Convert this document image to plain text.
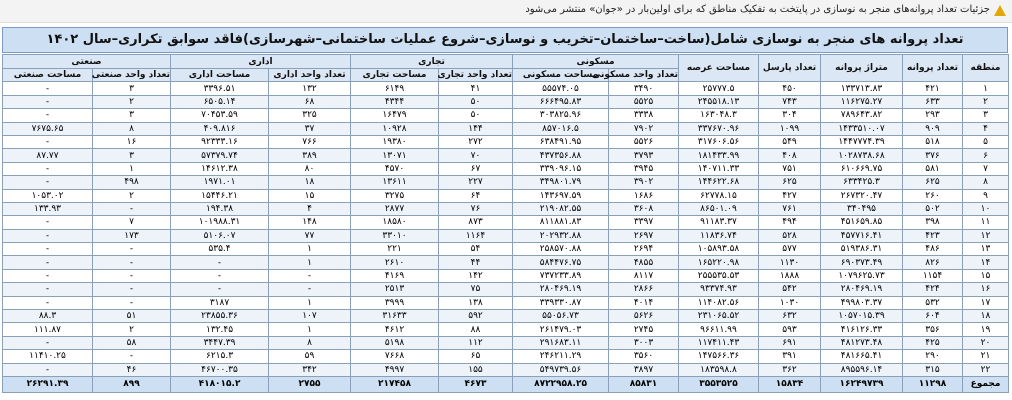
جزئیات تعداد پروانه‌های منجر به نوسازی در پایتخت به تفکیک مناطق که برای اولین‌بار در «جوان» منتشر می‌شود
تعداد پروانه های منجر به نوسازی شامل(ساخت–ساختمان–تخریب و نوسازی–شروع عملیات ساختمانی–شهرسازی)فاقد سوابق تکراری–سال ۱۴۰۲
منطقه	تعداد پروانه	متراژ پروانه	تعداد پارسل	مساحت عرصه	مسکونی		تجاری		اداری		صنعتی	
					تعداد واحد مسکونی	مساحت مسکونی	تعداد واحد تجاری	مساحت تجاری	تعداد واحد اداری	مساحت اداری	تعداد واحد صنعتی	مساحت صنعتی
۱	۴۲۱	۱۳۳۷۱۳.۸۳	۴۵۰	۲۵۷۷۷.۵	۳۴۹۰	۵۵۵۷۴.۰۵	۴۱	۶۱۴۹	۱۳۲	۳۳۹۶.۵۱	۳	-
۲	۶۳۳	۱۱۶۲۷۵.۲۷	۷۴۳	۲۴۵۵۱۸.۱۳	۵۵۲۵	۶۶۶۴۹۵.۸۳	۵۰	۴۳۴۴	۶۸	۶۵۰۵.۱۴	۲	-
۳	۲۹۳	۷۸۹۶۴۳.۸۲	۳۰۴	۱۶۳۰۴۸.۳	۳۳۳۸	۳۰۳۸۲۵.۹۶	۵۰	۱۶۴۷۹	۳۲۵	۷۰۴۵۳.۵۹	۳	-
۴	۹۰۹	۱۴۳۳۵۱۰.۰۷	۱۰۹۹	۳۳۷۶۷۰.۹۶	۷۹۰۲	۸۵۷۰۱۶.۵	۱۴۴	۱۰۹۲۸	۳۷	۴۰۹.۸۱۶	۸	۷۶۷۵.۶۵
۵	۵۱۸	۱۴۴۷۷۷۴.۳۹	۵۴۹	۳۱۷۶۰۶.۵۶	۵۵۲۶	۶۳۸۴۹۱.۹۵	۲۷۲	۱۹۳۸۰	۷۶۶	۹۲۳۳۳.۱۶	۱۶	-
۶	۳۷۶	۱۰۲۸۷۳۸.۶۸	۴۰۸	۱۸۱۴۳۳.۹۹	۳۷۹۳	۴۳۷۳۵۶.۸۸	۷۰	۱۳۰۷۱	۳۸۹	۵۷۳۷۹.۷۴	۳	۸۷.۷۷
۷	۵۸۱	۶۱۰۶۶۹.۷۵	۷۵۱	۱۴۰۷۱۱.۳۳	۳۹۴۵	۳۳۹۰۹۶.۱۵	۶۷	۴۵۷۰	۸۰	۱۴۶۱۲.۳۸	۱	-
۸	۶۲۵	۶۳۳۴۲۵.۳	۶۲۵	۱۴۴۶۲۲.۶۸	۳۹۰۲	۳۴۹۸۰۱.۷۹	۲۲۷	۱۳۶۱۱	۱۸	۱۹۷۱.۰۱	۴۹۸	-
۹	۲۶۰	۲۶۷۳۲۰.۴۷	۴۲۷	۶۲۷۷۸.۱۵	۱۶۸۶	۱۴۳۶۹۷.۵۹	۶۴	۳۲۷۵	۱۵	۱۵۴۴۶.۲۱	۲	۱۰۵۳.۰۲
۱۰	۵۰۲	۳۴۰۴۹۵	۷۶۱	۸۶۵۰۱.۰۹	۳۶۰۸	۲۱۹۰۸۲.۵۵	۷۶	۲۸۷۷	۴	۱۹۴.۳۸	-	۱۳۳.۹۳
۱۱	۳۹۸	۴۵۱۶۵۹.۸۵	۴۹۴	۹۱۱۸۳.۳۷	۳۳۹۷	۸۱۱۸۸۱.۸۳	۸۷۳	۱۸۵۸۰	۱۴۸	۱۰۱۹۸۸.۳۱	۷	-
۱۲	۴۲۳	۴۵۷۷۱۶.۴۱	۵۲۸	۱۱۸۳۶.۷۴	۲۶۹۷	۲۰۲۹۳۲.۸۸	۱۱۶۴	۳۳۰۱۰	۷۷	۵۱۰۶.۰۷	۱۷۳	-
۱۳	۴۸۶	۵۱۹۳۸۶.۳۱	۵۷۷	۱۰۵۸۹۳.۵۸	۲۶۹۴	۲۵۸۵۷۰.۸۸	۵۴	۲۲۱	۱	۵۳۵.۴	-	-
۱۴	۸۲۶	۶۹۰۳۷۳.۴۹	۱۱۳۰	۱۶۵۲۲۰.۹۸	۴۸۵۵	۵۸۴۴۷۶.۷۵	۴۴	۲۶۱۰	۱	-	-	-
۱۵	۱۱۵۴	۱۰۷۹۶۲۵.۷۳	۱۸۸۸	۲۵۵۵۳۵.۵۳	۸۱۱۷	۷۳۷۲۳۳.۸۹	۱۴۲	۴۱۶۹	-	-	-	-
۱۶	۴۲۴	۲۸۰۴۶۹.۱۹	۵۴۲	۹۳۳۷۴.۹۳	۲۸۶۶	۲۸۰۴۶۹.۱۹	۷۵	۲۵۱۳	-	-	-	-
۱۷	۵۳۲	۴۹۹۸۰۳.۳۷	۱۰۳۰	۱۱۴۰۸۲.۵۶	۴۰۱۴	۳۳۹۳۳۰.۸۷	۱۳۸	۳۹۹۹	۱	۳۱۸۷	-	-
۱۸	۶۰۴	۱۰۵۷۰۱۵.۳۹	۶۳۲	۲۳۱۰۶۵.۵۲	۵۶۲۶	۵۵۰۵۶.۷۳	۵۹۲	۳۱۶۳۳	۱۰۷	۲۳۸۵۵.۳۶	۵۱	۸۸.۳
۱۹	۳۵۶	۴۱۶۱۲۶.۳۳	۵۹۳	۹۶۶۱۱.۹۹	۲۷۴۵	۲۶۱۴۷۹.۰۳	۸۸	۴۶۱۲	۱	۱۳۲.۴۵	۲	۱۱۱.۸۷
۲۰	۴۲۵	۴۸۱۲۷۳.۴۸	۶۹۱	۱۱۷۴۱۱.۴۳	۳۰۰۳	۲۹۱۶۸۳.۱۱	۱۱۲	۵۱۹۸	۸	۳۴۴۷.۳۹	۵۸	-
۲۱	۲۹۰	۴۸۱۶۶۵.۴۱	۳۹۱	۱۴۷۵۶۶.۳۶	۳۵۶۰	۲۴۶۲۱۱.۲۹	۶۵	۷۶۶۸	۵۹	۶۲۱۵.۳	-	۱۱۴۱۰.۲۵
۲۲	۳۱۵	۸۹۵۵۹۶.۱۴	۳۶۲	۱۸۳۵۹۸.۸	۳۸۹۷	۵۴۹۷۳۹.۵۶	۱۵۵	۴۹۹۷	۳۴۲	۴۶۷۰۰.۳۵	۴۶	-
مجموع	۱۱۲۹۸	۱۶۲۴۹۷۳۹	۱۵۸۳۴	۳۵۵۳۵۲۵	۸۵۸۳۱	۸۷۲۲۹۵۸.۲۵	۴۶۷۳	۲۱۷۴۵۸	۲۷۵۵	۴۱۸۰۱۵.۲	۸۹۹	۲۶۲۹۱.۳۹
